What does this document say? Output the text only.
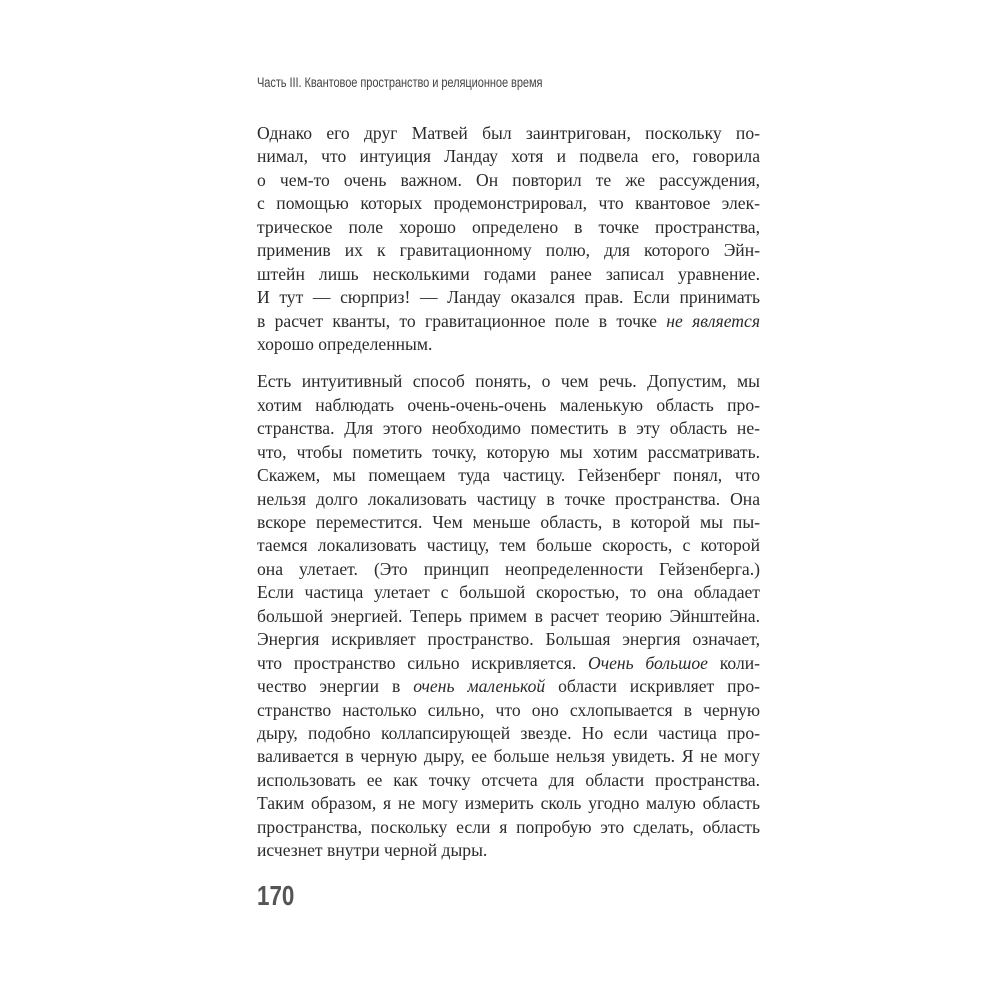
Часть III. Квантовое пространство и реляционное время
Однако его друг Матвей был заинтригован, поскольку по-
нимал, что интуиция Ландау хотя и подвела его, говорила
о чем-то очень важном. Он повторил те же рассуждения,
с помощью которых продемонстрировал, что квантовое элек-
трическое поле хорошо определено в точке пространства,
применив их к гравитационному полю, для которого Эйн-
штейн лишь несколькими годами ранее записал уравнение.
И тут — сюрприз! — Ландау оказался прав. Если принимать
в расчет кванты, то гравитационное поле в точке не является
хорошо определенным.
Есть интуитивный способ понять, о чем речь. Допустим, мы
хотим наблюдать очень-очень-очень маленькую область про-
странства. Для этого необходимо поместить в эту область не-
что, чтобы пометить точку, которую мы хотим рассматривать.
Скажем, мы помещаем туда частицу. Гейзенберг понял, что
нельзя долго локализовать частицу в точке пространства. Она
вскоре переместится. Чем меньше область, в которой мы пы-
таемся локализовать частицу, тем больше скорость, с которой
она улетает. (Это принцип неопределенности Гейзенберга.)
Если частица улетает с большой скоростью, то она обладает
большой энергией. Теперь примем в расчет теорию Эйнштейна.
Энергия искривляет пространство. Большая энергия означает,
что пространство сильно искривляется. Очень большое коли-
чество энергии в очень маленькой области искривляет про-
странство настолько сильно, что оно схлопывается в черную
дыру, подобно коллапсирующей звезде. Но если частица про-
валивается в черную дыру, ее больше нельзя увидеть. Я не могу
использовать ее как точку отсчета для области пространства.
Таким образом, я не могу измерить сколь угодно малую область
пространства, поскольку если я попробую это сделать, область
исчезнет внутри черной дыры.
170
